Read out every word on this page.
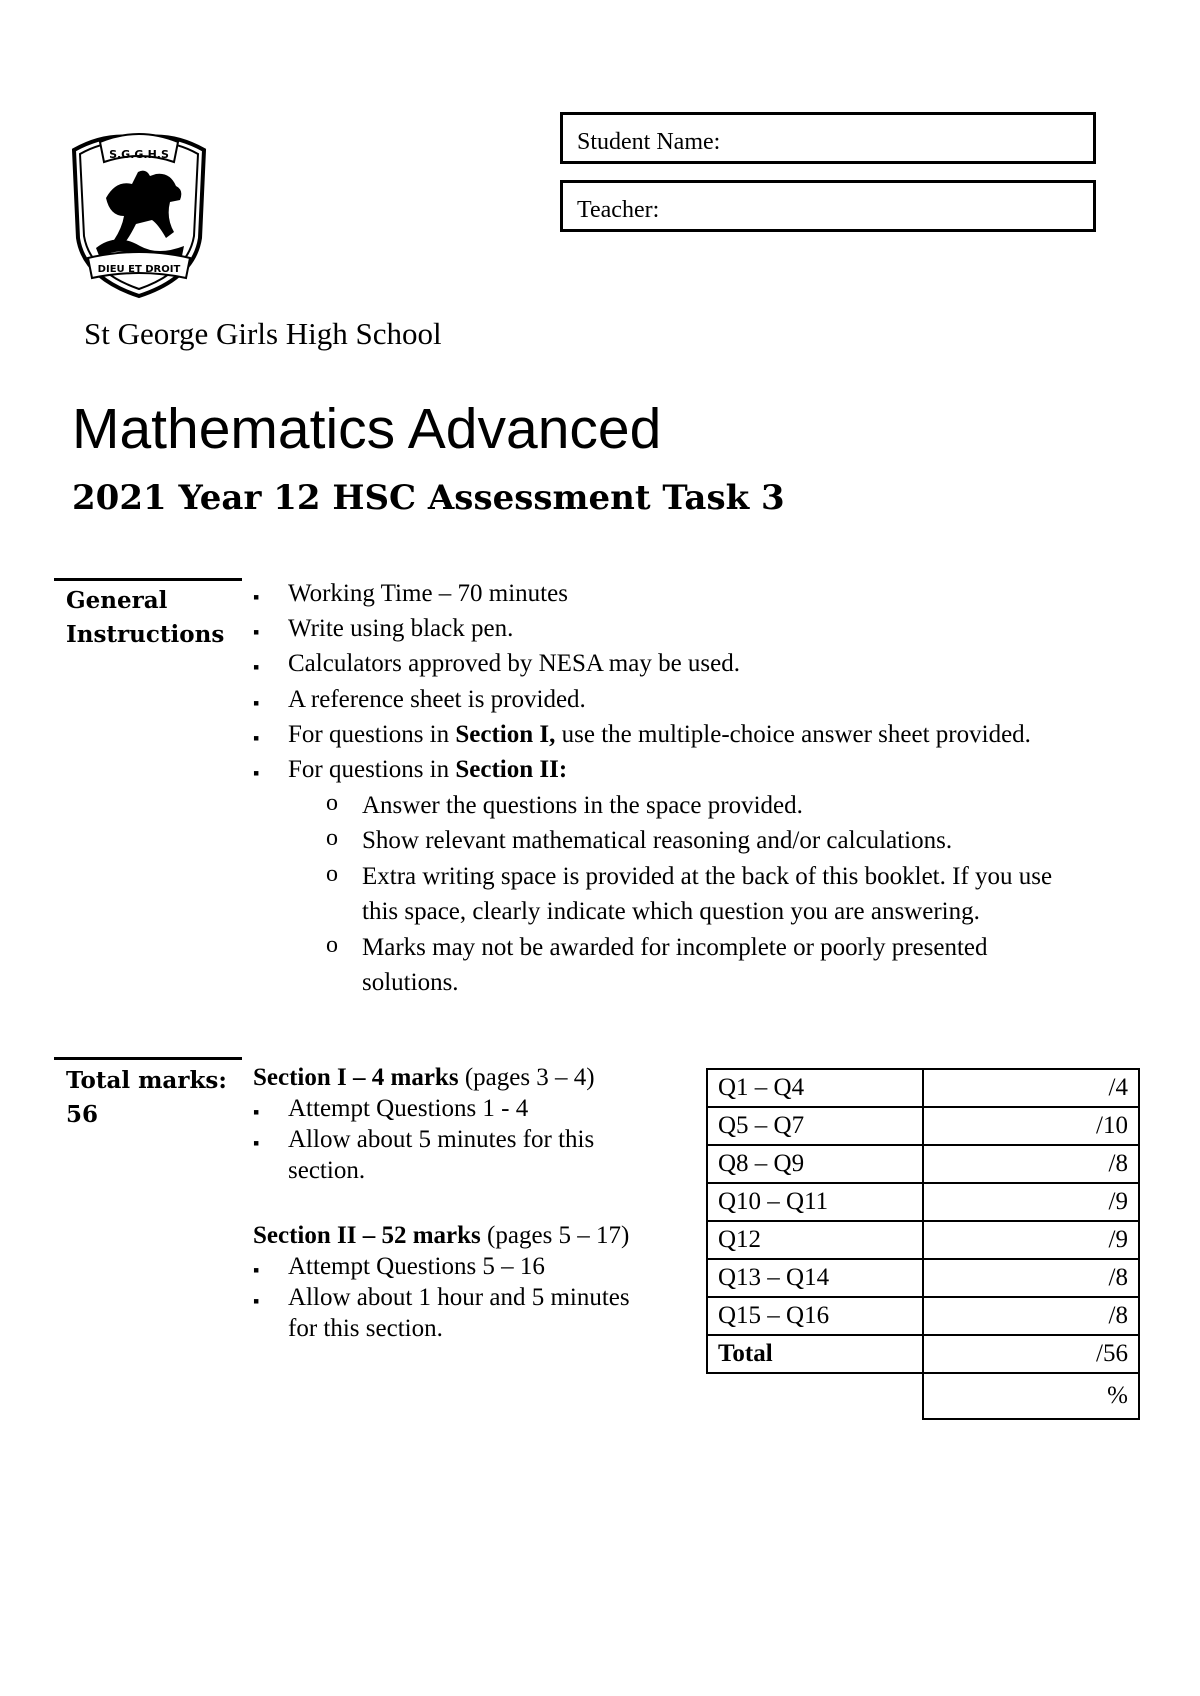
S.G.G.H.S
DIEU ET DROIT
Student Name:
Teacher:
St George Girls High School
Mathematics Advanced
2021 Year 12 HSC Assessment Task 3
General
Instructions
▪ Working Time – 70 minutes
▪ Write using black pen.
▪ Calculators approved by NESA may be used.
▪ A reference sheet is provided.
▪ For questions in Section I, use the multiple-choice answer sheet provided.
▪ For questions in Section II:
o Answer the questions in the space provided.
o Show relevant mathematical reasoning and/or calculations.
o Extra writing space is provided at the back of this booklet. If you use
this space, clearly indicate which question you are answering.
o Marks may not be awarded for incomplete or poorly presented
solutions.
Total marks:
56
Section I – 4 marks (pages 3 – 4)
▪ Attempt Questions 1 - 4
▪ Allow about 5 minutes for this
section.
Section II – 52 marks (pages 5 – 17)
▪ Attempt Questions 5 – 16
▪ Allow about 1 hour and 5 minutes
for this section.
Q1 – Q4	/4
Q5 – Q7	/10
Q8 – Q9	/8
Q10 – Q11	/9
Q12	/9
Q13 – Q14	/8
Q15 – Q16	/8
Total	/56
	%
